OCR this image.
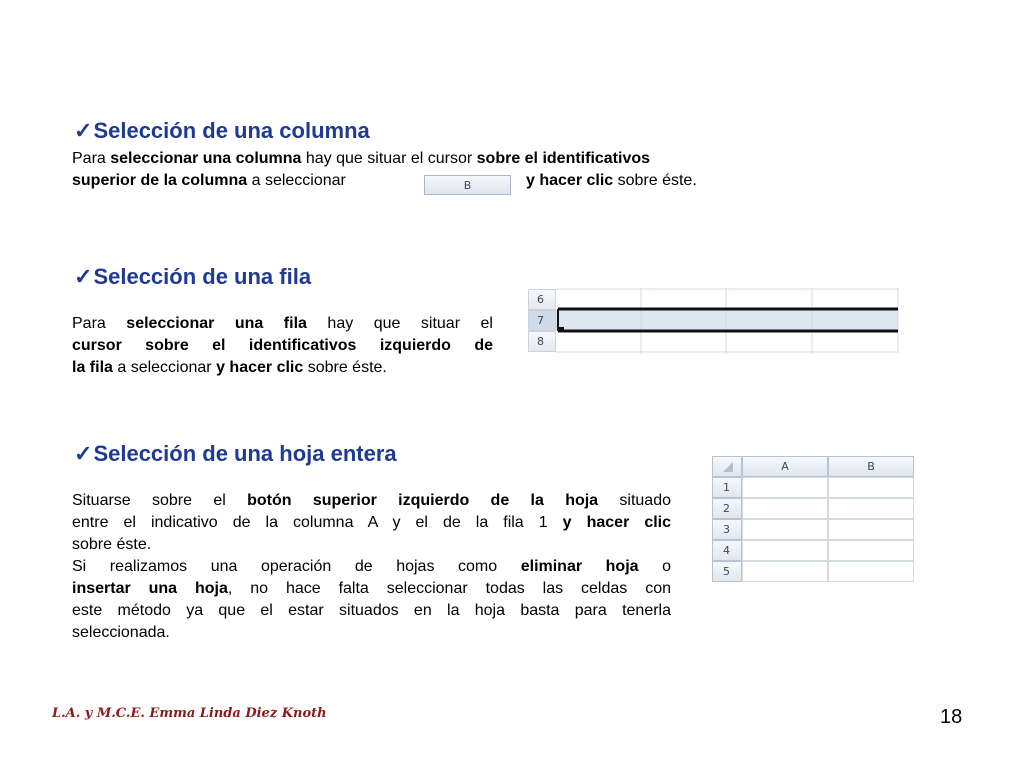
✓Selección de una columna
Para seleccionar una columna hay que situar el cursor sobre el identificativos
superior de la columna a seleccionar	B	y hacer clic sobre éste.
✓Selección de una fila
Para seleccionar una fila hay que situar el
cursor sobre el identificativos izquierdo de
la fila a seleccionar y hacer clic sobre éste.
6
7
8
✓Selección de una hoja entera
Situarse sobre el botón superior izquierdo de la hoja situado
entre el indicativo de la columna A y el de la fila 1 y hacer clic
sobre éste.
Si realizamos una operación de hojas como eliminar hoja o
insertar una hoja, no hace falta seleccionar todas las celdas con
este método ya que el estar situados en la hoja basta para tenerla
seleccionada.
A	B
1
2
3
4
5
L.A. y M.C.E. Emma Linda Diez Knoth	18
